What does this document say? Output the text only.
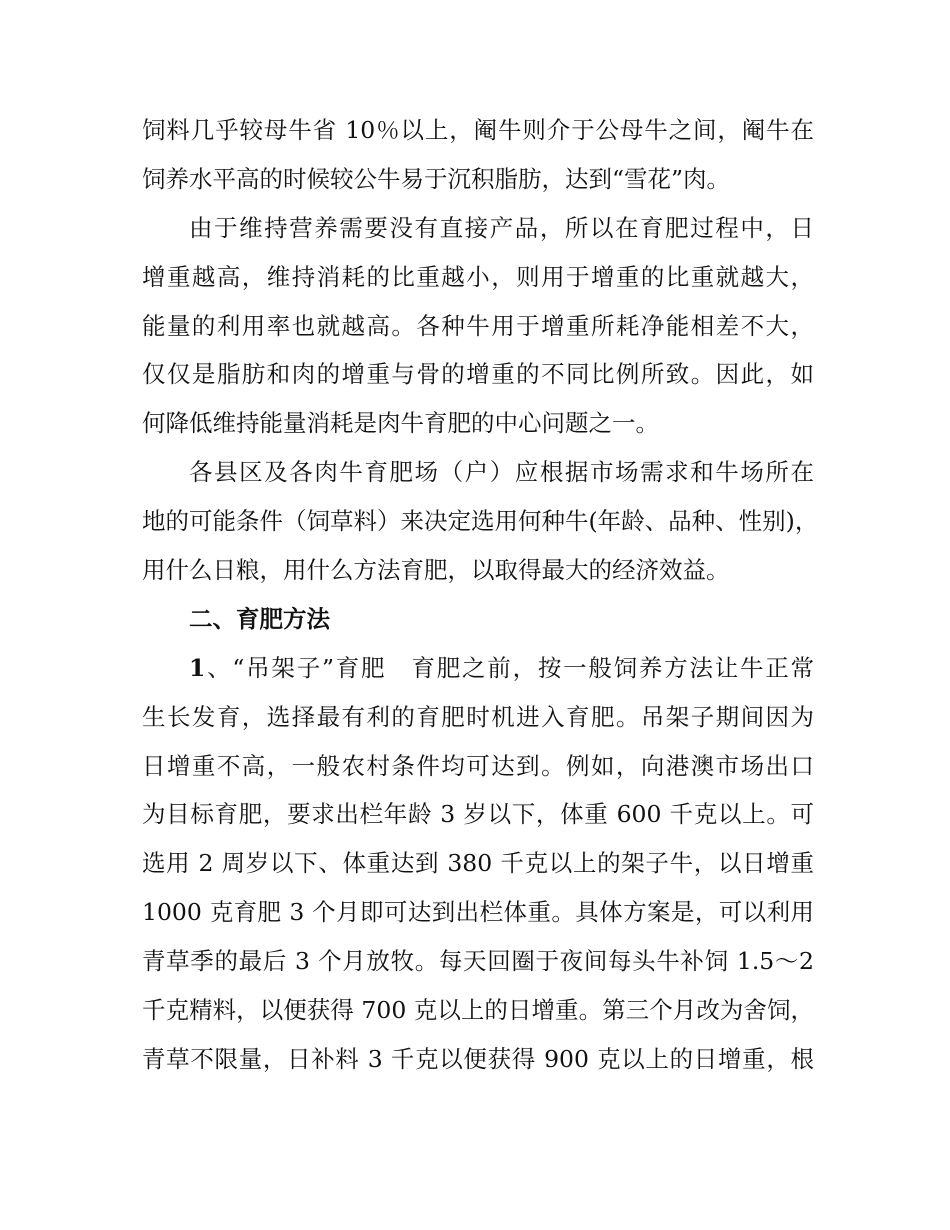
饲料几乎较母牛省 10％以上，阉牛则介于公母牛之间，阉牛在
饲养水平高的时候较公牛易于沉积脂肪，达到“雪花”肉。
由于维持营养需要没有直接产品，所以在育肥过程中，日
增重越高，维持消耗的比重越小，则用于增重的比重就越大，
能量的利用率也就越高。各种牛用于增重所耗净能相差不大，
仅仅是脂肪和肉的增重与骨的增重的不同比例所致。因此，如
何降低维持能量消耗是肉牛育肥的中心问题之一。
各县区及各肉牛育肥场（户）应根据市场需求和牛场所在
地的可能条件（饲草料）来决定选用何种牛(年龄、品种、性别)，
用什么日粮，用什么方法育肥，以取得最大的经济效益。
二、育肥方法
1、“吊架子”育肥　育肥之前，按一般饲养方法让牛正常
生长发育，选择最有利的育肥时机进入育肥。吊架子期间因为
日增重不高，一般农村条件均可达到。例如，向港澳市场出口
为目标育肥，要求出栏年龄 3 岁以下，体重 600 千克以上。可
选用 2 周岁以下、体重达到 380 千克以上的架子牛，以日增重
1000 克育肥 3 个月即可达到出栏体重。具体方案是，可以利用
青草季的最后 3 个月放牧。每天回圈于夜间每头牛补饲 1.5～2
千克精料，以便获得 700 克以上的日增重。第三个月改为舍饲，
青草不限量，日补料 3 千克以便获得 900 克以上的日增重，根
